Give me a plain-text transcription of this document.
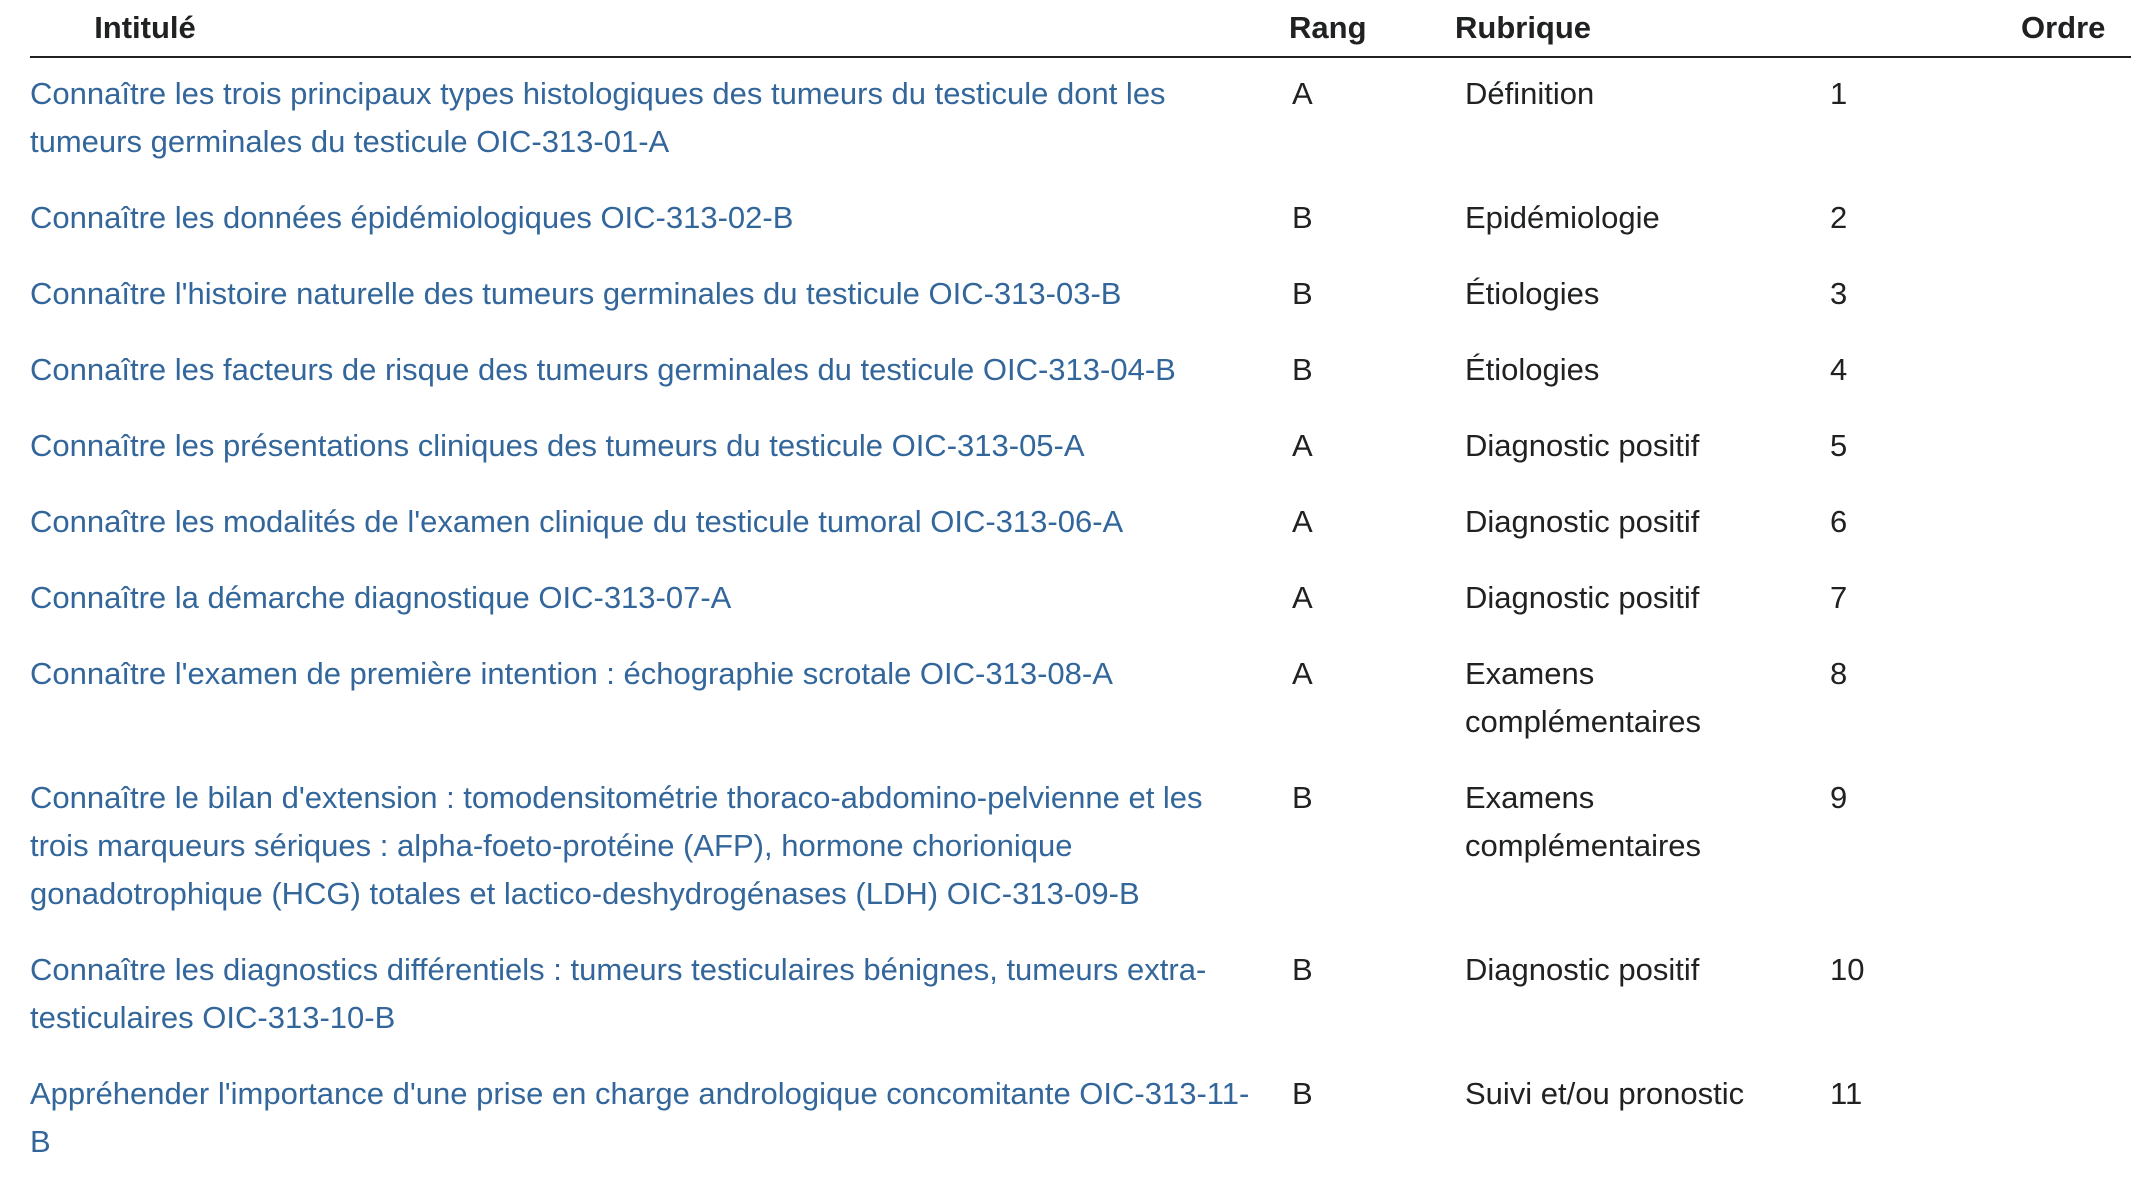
Intitulé	Rang	Rubrique	Ordre
Connaître les trois principaux types histologiques des tumeurs du testicule dont les tumeurs germinales du testicule OIC-313-01-A	A	Définition	1
Connaître les données épidémiologiques OIC-313-02-B	B	Epidémiologie	2
Connaître l'histoire naturelle des tumeurs germinales du testicule OIC-313-03-B	B	Étiologies	3
Connaître les facteurs de risque des tumeurs germinales du testicule OIC-313-04-B	B	Étiologies	4
Connaître les présentations cliniques des tumeurs du testicule OIC-313-05-A	A	Diagnostic positif	5
Connaître les modalités de l'examen clinique du testicule tumoral OIC-313-06-A	A	Diagnostic positif	6
Connaître la démarche diagnostique OIC-313-07-A	A	Diagnostic positif	7
Connaître l'examen de première intention : échographie scrotale OIC-313-08-A	A	Examens complémentaires	8
Connaître le bilan d'extension : tomodensitométrie thoraco-abdomino-pelvienne et les trois marqueurs sériques : alpha-foeto-protéine (AFP), hormone chorionique gonadotrophique (HCG) totales et lactico-deshydrogénases (LDH) OIC-313-09-B	B	Examens complémentaires	9
Connaître les diagnostics différentiels : tumeurs testiculaires bénignes, tumeurs extra-testiculaires OIC-313-10-B	B	Diagnostic positif	10
Appréhender l'importance d'une prise en charge andrologique concomitante OIC-313-11-B	B	Suivi et/ou pronostic	11
